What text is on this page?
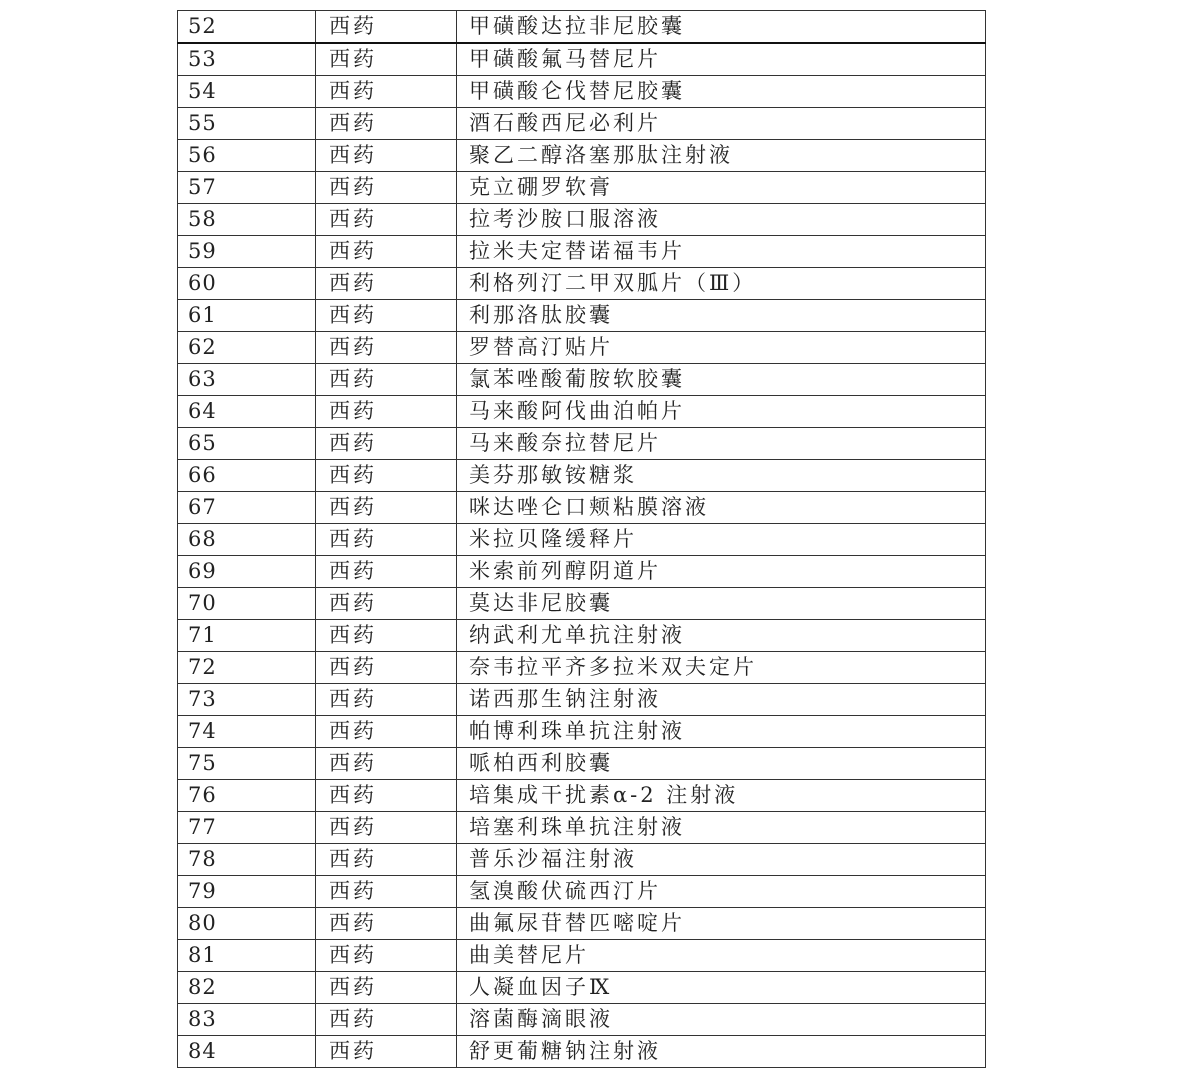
52	西药	甲磺酸达拉非尼胶囊
53	西药	甲磺酸氟马替尼片
54	西药	甲磺酸仑伐替尼胶囊
55	西药	酒石酸西尼必利片
56	西药	聚乙二醇洛塞那肽注射液
57	西药	克立硼罗软膏
58	西药	拉考沙胺口服溶液
59	西药	拉米夫定替诺福韦片
60	西药	利格列汀二甲双胍片（Ⅲ）
61	西药	利那洛肽胶囊
62	西药	罗替高汀贴片
63	西药	氯苯唑酸葡胺软胶囊
64	西药	马来酸阿伐曲泊帕片
65	西药	马来酸奈拉替尼片
66	西药	美芬那敏铵糖浆
67	西药	咪达唑仑口颊粘膜溶液
68	西药	米拉贝隆缓释片
69	西药	米索前列醇阴道片
70	西药	莫达非尼胶囊
71	西药	纳武利尤单抗注射液
72	西药	奈韦拉平齐多拉米双夫定片
73	西药	诺西那生钠注射液
74	西药	帕博利珠单抗注射液
75	西药	哌柏西利胶囊
76	西药	培集成干扰素α-2 注射液
77	西药	培塞利珠单抗注射液
78	西药	普乐沙福注射液
79	西药	氢溴酸伏硫西汀片
80	西药	曲氟尿苷替匹嘧啶片
81	西药	曲美替尼片
82	西药	人凝血因子Ⅸ
83	西药	溶菌酶滴眼液
84	西药	舒更葡糖钠注射液
